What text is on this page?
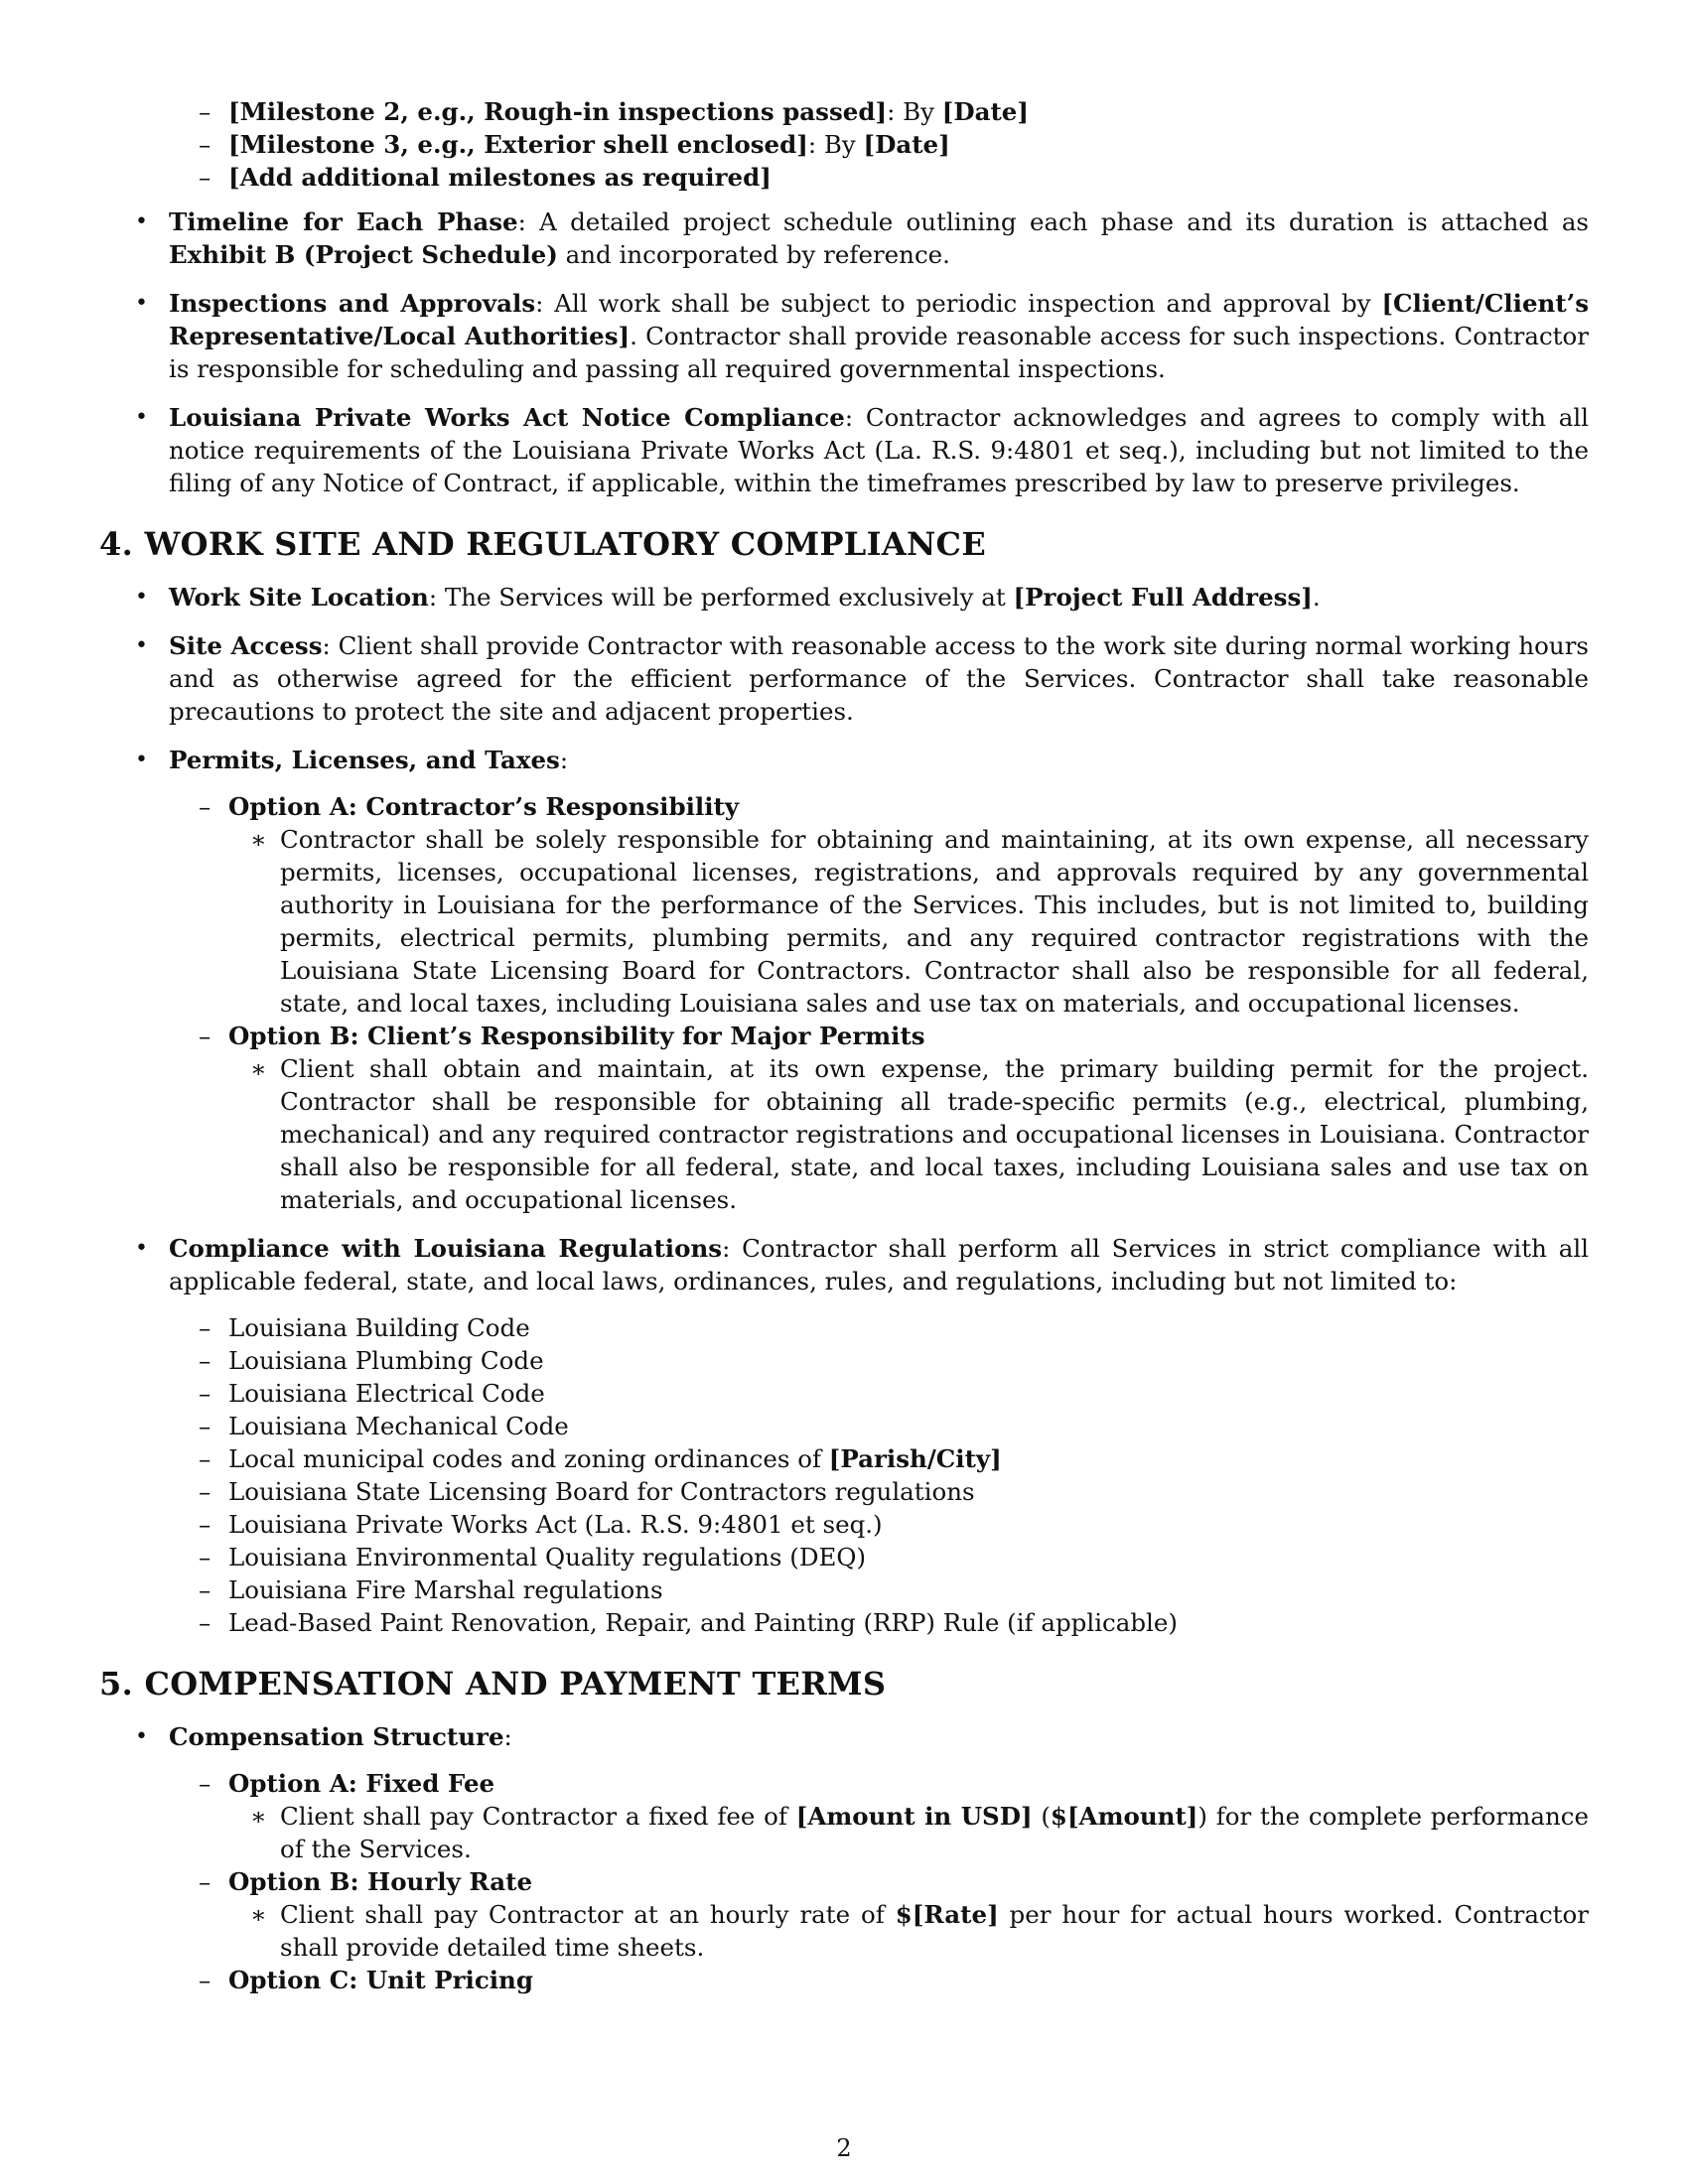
– [Milestone 2, e.g., Rough-in inspections passed]: By [Date]
– [Milestone 3, e.g., Exterior shell enclosed]: By [Date]
– [Add additional milestones as required]
• Timeline for Each Phase: A detailed project schedule outlining each phase and its duration is attached as Exhibit B (Project Schedule) and incorporated by reference.
• Inspections and Approvals: All work shall be subject to periodic inspection and approval by [Client/Client’s Representative/Local Authorities]. Contractor shall provide reasonable access for such inspections. Contractor is responsible for scheduling and passing all required governmental inspections.
• Louisiana Private Works Act Notice Compliance: Contractor acknowledges and agrees to comply with all notice requirements of the Louisiana Private Works Act (La. R.S. 9:4801 et seq.), including but not limited to the filing of any Notice of Contract, if applicable, within the timeframes prescribed by law to preserve privileges.
4. WORK SITE AND REGULATORY COMPLIANCE
• Work Site Location: The Services will be performed exclusively at [Project Full Address].
• Site Access: Client shall provide Contractor with reasonable access to the work site during normal working hours and as otherwise agreed for the efficient performance of the Services. Contractor shall take reasonable precautions to protect the site and adjacent properties.
• Permits, Licenses, and Taxes:
– Option A: Contractor’s Responsibility
∗ Contractor shall be solely responsible for obtaining and maintaining, at its own expense, all necessary permits, licenses, occupational licenses, registrations, and approvals required by any governmental authority in Louisiana for the performance of the Services. This includes, but is not limited to, building permits, electrical permits, plumbing permits, and any required contractor registrations with the Louisiana State Licensing Board for Contractors. Contractor shall also be responsible for all federal, state, and local taxes, including Louisiana sales and use tax on materials, and occupational licenses.
– Option B: Client’s Responsibility for Major Permits
∗ Client shall obtain and maintain, at its own expense, the primary building permit for the project. Contractor shall be responsible for obtaining all trade-specific permits (e.g., electrical, plumbing, mechanical) and any required contractor registrations and occupational licenses in Louisiana. Contractor shall also be responsible for all federal, state, and local taxes, including Louisiana sales and use tax on materials, and occupational licenses.
• Compliance with Louisiana Regulations: Contractor shall perform all Services in strict compliance with all applicable federal, state, and local laws, ordinances, rules, and regulations, including but not limited to:
– Louisiana Building Code
– Louisiana Plumbing Code
– Louisiana Electrical Code
– Louisiana Mechanical Code
– Local municipal codes and zoning ordinances of [Parish/City]
– Louisiana State Licensing Board for Contractors regulations
– Louisiana Private Works Act (La. R.S. 9:4801 et seq.)
– Louisiana Environmental Quality regulations (DEQ)
– Louisiana Fire Marshal regulations
– Lead-Based Paint Renovation, Repair, and Painting (RRP) Rule (if applicable)
5. COMPENSATION AND PAYMENT TERMS
• Compensation Structure:
– Option A: Fixed Fee
∗ Client shall pay Contractor a fixed fee of [Amount in USD] ($[Amount]) for the complete performance of the Services.
– Option B: Hourly Rate
∗ Client shall pay Contractor at an hourly rate of $[Rate] per hour for actual hours worked. Contractor shall provide detailed time sheets.
– Option C: Unit Pricing
2
